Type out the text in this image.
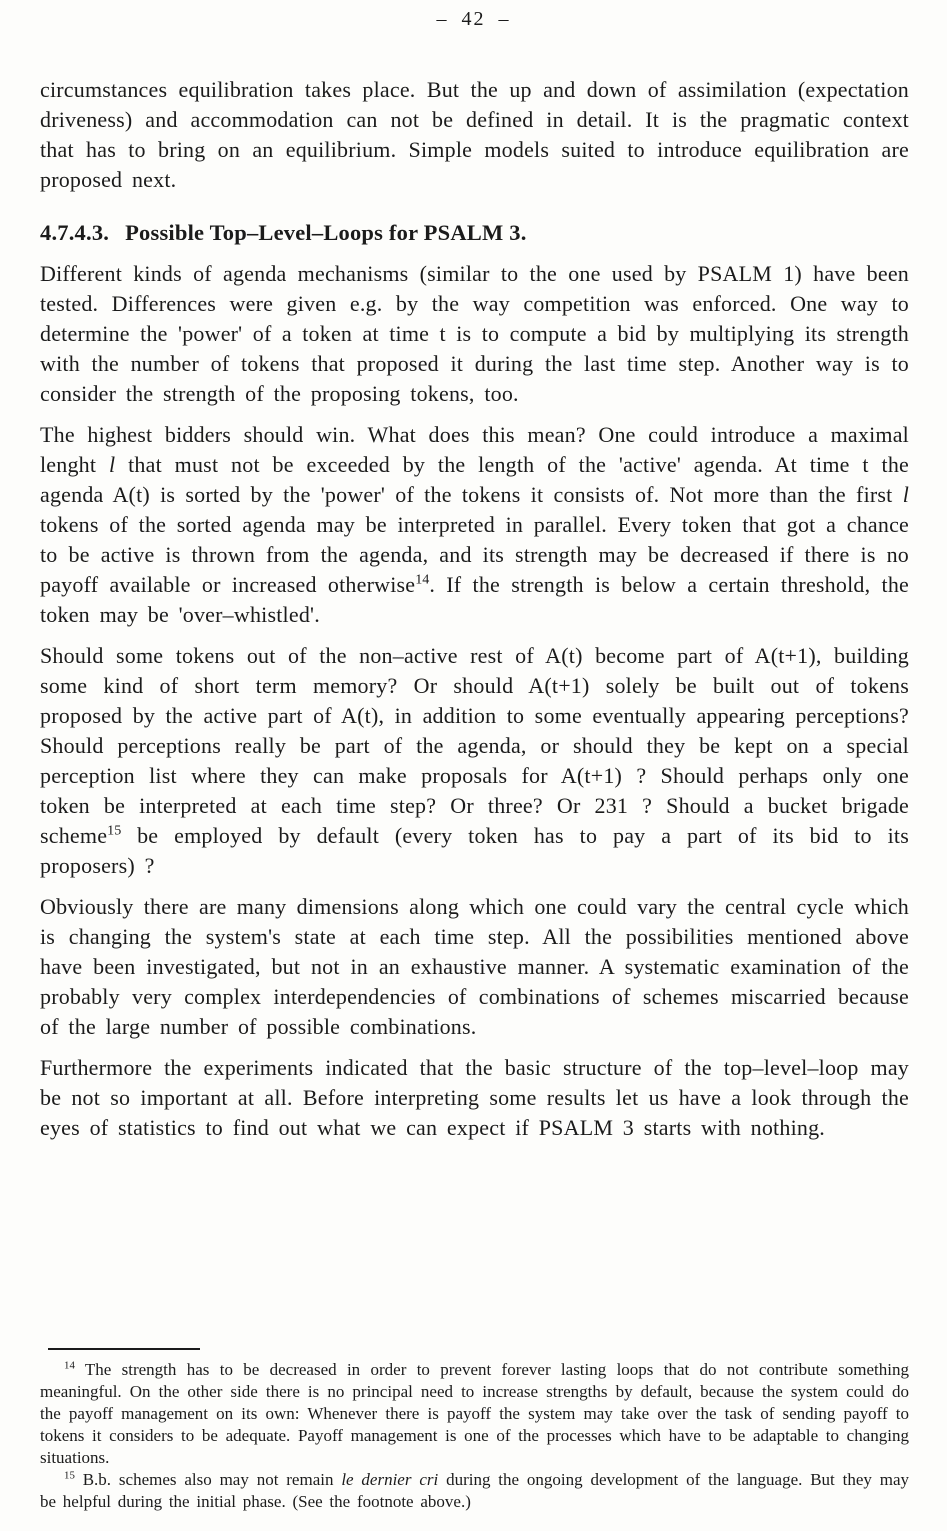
– 42 –

circumstances equilibration takes place. But the up and down of assimilation (expectation driveness) and accommodation can not be defined in detail. It is the pragmatic context that has to bring on an equilibrium. Simple models suited to introduce equilibration are proposed next.

4.7.4.3. Possible Top–Level–Loops for PSALM 3.

Different kinds of agenda mechanisms (similar to the one used by PSALM 1) have been tested. Differences were given e.g. by the way competition was enforced. One way to determine the 'power' of a token at time t is to compute a bid by multiplying its strength with the number of tokens that proposed it during the last time step. Another way is to consider the strength of the proposing tokens, too.

The highest bidders should win. What does this mean? One could introduce a maximal lenght l that must not be exceeded by the length of the 'active' agenda. At time t the agenda A(t) is sorted by the 'power' of the tokens it consists of. Not more than the first l tokens of the sorted agenda may be interpreted in parallel. Every token that got a chance to be active is thrown from the agenda, and its strength may be decreased if there is no payoff available or increased otherwise$^{14}$. If the strength is below a certain threshold, the token may be 'over–whistled'.

Should some tokens out of the non–active rest of A(t) become part of A(t+1), building some kind of short term memory? Or should A(t+1) solely be built out of tokens proposed by the active part of A(t), in addition to some eventually appearing perceptions? Should perceptions really be part of the agenda, or should they be kept on a special perception list where they can make proposals for A(t+1) ? Should perhaps only one token be interpreted at each time step? Or three? Or 231 ? Should a bucket brigade scheme$^{15}$ be employed by default (every token has to pay a part of its bid to its proposers) ?

Obviously there are many dimensions along which one could vary the central cycle which is changing the system's state at each time step. All the possibilities mentioned above have been investigated, but not in an exhaustive manner. A systematic examination of the probably very complex interdependencies of combinations of schemes miscarried because of the large number of possible combinations.

Furthermore the experiments indicated that the basic structure of the top–level–loop may be not so important at all. Before interpreting some results let us have a look through the eyes of statistics to find out what we can expect if PSALM 3 starts with nothing.

$^{14}$ The strength has to be decreased in order to prevent forever lasting loops that do not contribute something meaningful. On the other side there is no principal need to increase strengths by default, because the system could do the payoff management on its own: Whenever there is payoff the system may take over the task of sending payoff to tokens it considers to be adequate. Payoff management is one of the processes which have to be adaptable to changing situations.

$^{15}$ B.b. schemes also may not remain le dernier cri during the ongoing development of the language. But they may be helpful during the initial phase. (See the footnote above.)
